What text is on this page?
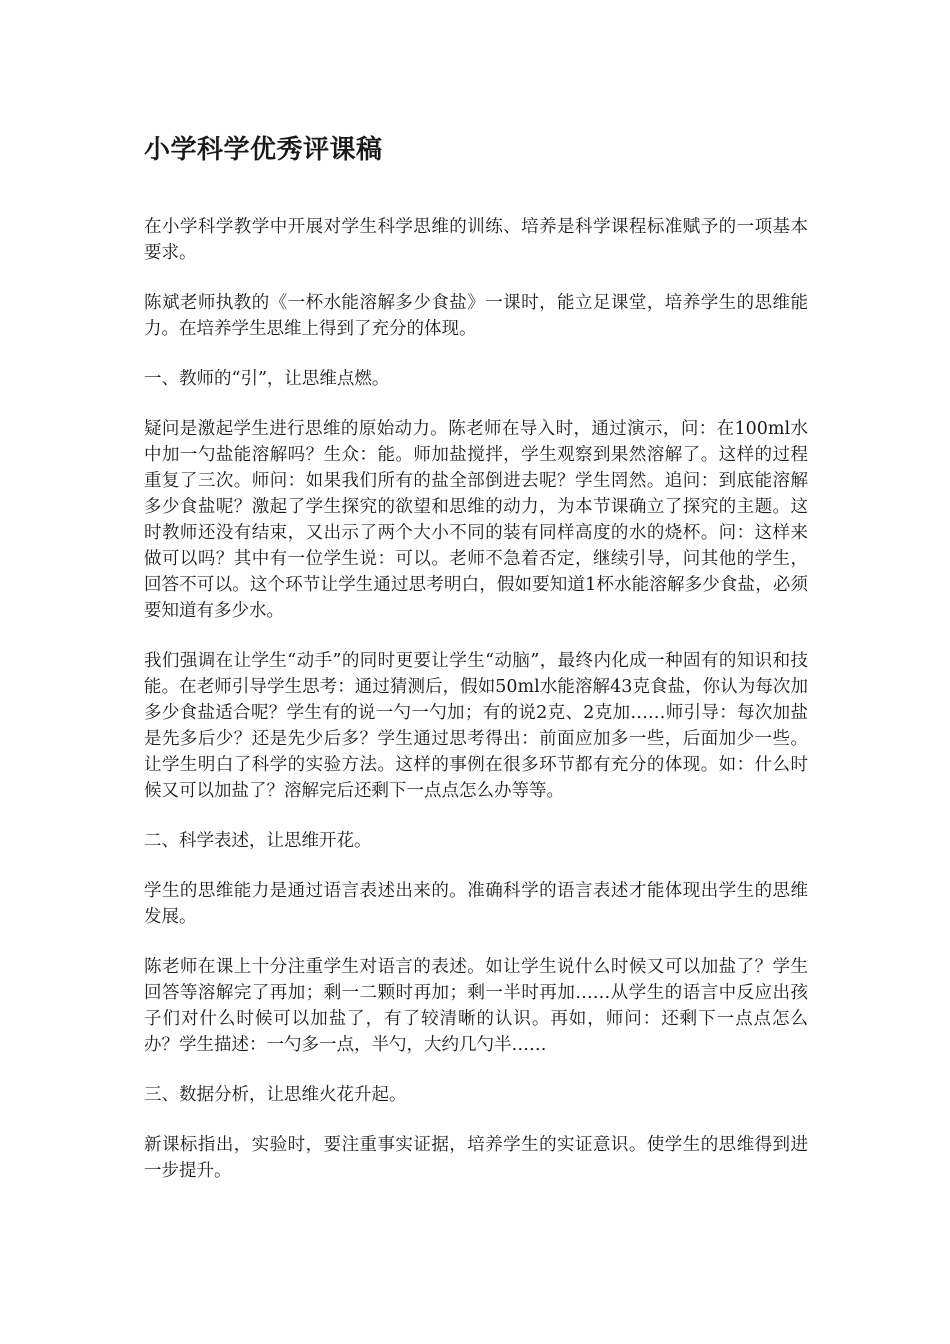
小学科学优秀评课稿

在小学科学教学中开展对学生科学思维的训练、培养是科学课程标准赋予的一项基本要求。

陈斌老师执教的《一杯水能溶解多少食盐》一课时，能立足课堂，培养学生的思维能力。在培养学生思维上得到了充分的体现。

一、教师的“引”，让思维点燃。

疑问是激起学生进行思维的原始动力。陈老师在导入时，通过演示，问：在100ml水中加一勺盐能溶解吗？生众：能。师加盐搅拌，学生观察到果然溶解了。这样的过程重复了三次。师问：如果我们所有的盐全部倒进去呢？学生罔然。追问：到底能溶解多少食盐呢？激起了学生探究的欲望和思维的动力，为本节课确立了探究的主题。这时教师还没有结束，又出示了两个大小不同的装有同样高度的水的烧杯。问：这样来做可以吗？其中有一位学生说：可以。老师不急着否定，继续引导，问其他的学生，回答不可以。这个环节让学生通过思考明白，假如要知道1杯水能溶解多少食盐，必须要知道有多少水。

我们强调在让学生“动手”的同时更要让学生“动脑”，最终内化成一种固有的知识和技能。在老师引导学生思考：通过猜测后，假如50ml水能溶解43克食盐，你认为每次加多少食盐适合呢？学生有的说一勺一勺加；有的说2克、2克加……师引导：每次加盐是先多后少？还是先少后多？学生通过思考得出：前面应加多一些，后面加少一些。让学生明白了科学的实验方法。这样的事例在很多环节都有充分的体现。如：什么时候又可以加盐了？溶解完后还剩下一点点怎么办等等。

二、科学表述，让思维开花。

学生的思维能力是通过语言表述出来的。准确科学的语言表述才能体现出学生的思维发展。

陈老师在课上十分注重学生对语言的表述。如让学生说什么时候又可以加盐了？学生回答等溶解完了再加；剩一二颗时再加；剩一半时再加……从学生的语言中反应出孩子们对什么时候可以加盐了，有了较清晰的认识。再如，师问：还剩下一点点怎么办？学生描述：一勺多一点，半勺，大约几勺半……

三、数据分析，让思维火花升起。

新课标指出，实验时，要注重事实证据，培养学生的实证意识。使学生的思维得到进一步提升。
